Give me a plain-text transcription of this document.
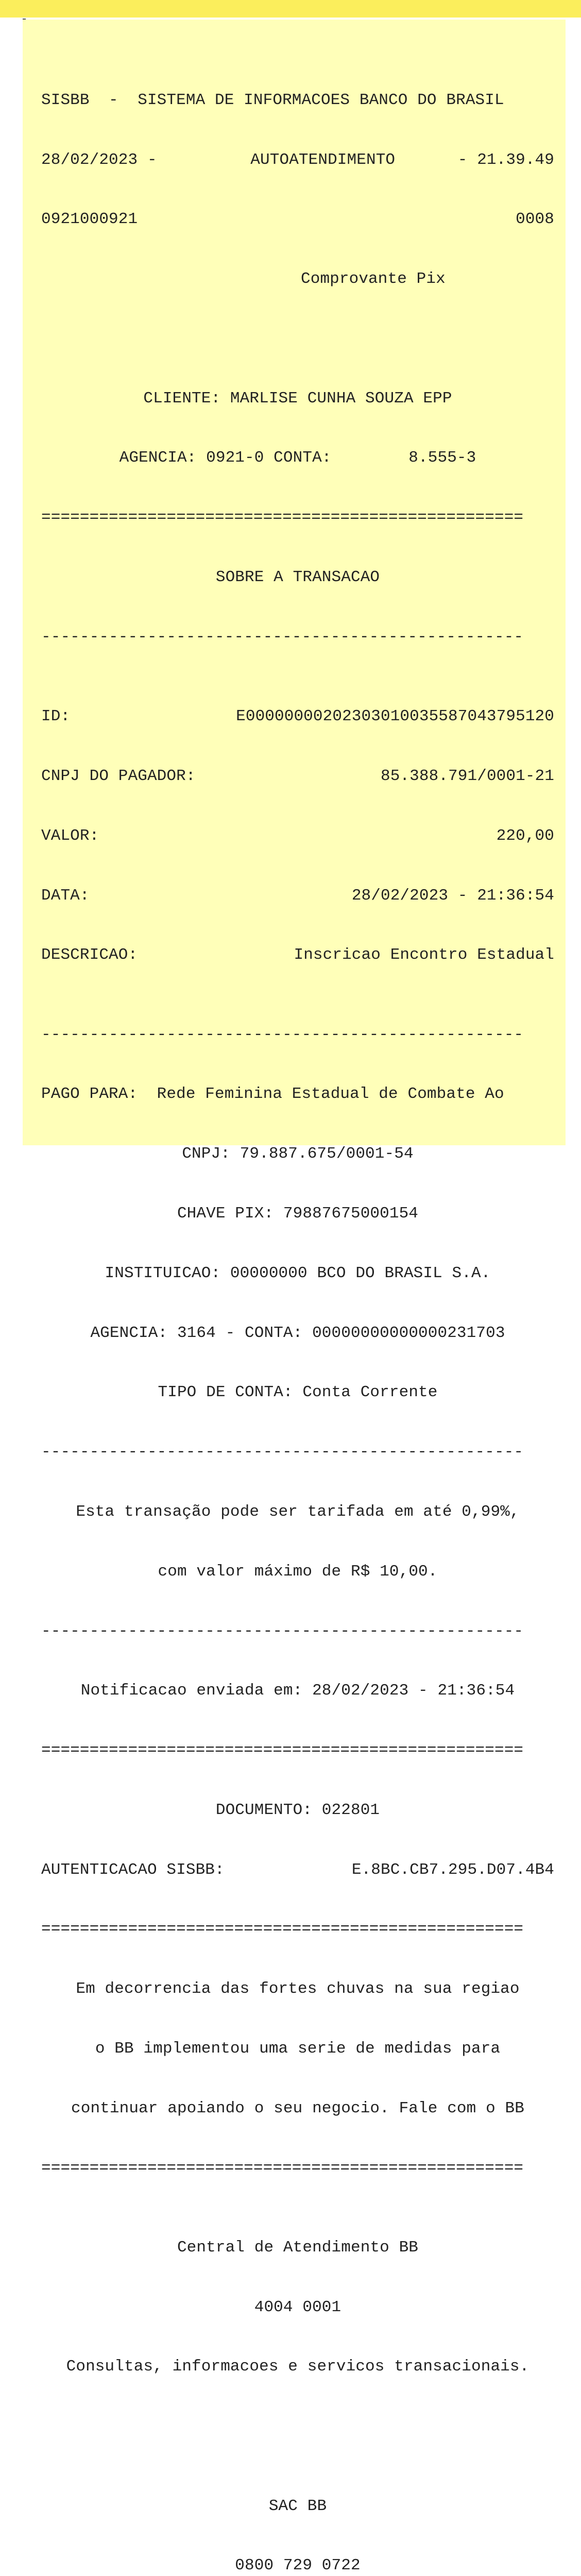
SISBB  -  SISTEMA DE INFORMACOES BANCO DO BRASIL

28/02/2023 -	AUTOATENDIMENTO	- 21.39.49

0921000921	0008

Comprovante Pix

CLIENTE: MARLISE CUNHA SOUZA EPP

AGENCIA: 0921-0 CONTA:        8.555-3

==================================================

SOBRE A TRANSACAO

--------------------------------------------------

ID:	E00000000202303010035587043795120

CNPJ DO PAGADOR:	85.388.791/0001-21

VALOR:	220,00

DATA:	28/02/2023 - 21:36:54

DESCRICAO:	Inscricao Encontro Estadual

--------------------------------------------------

PAGO PARA:  Rede Feminina Estadual de Combate Ao

CNPJ: 79.887.675/0001-54

CHAVE PIX: 79887675000154

INSTITUICAO: 00000000 BCO DO BRASIL S.A.

AGENCIA: 3164 - CONTA: 00000000000000231703

TIPO DE CONTA: Conta Corrente

--------------------------------------------------

Esta transação pode ser tarifada em até 0,99%,

com valor máximo de R$ 10,00.

--------------------------------------------------

Notificacao enviada em: 28/02/2023 - 21:36:54

==================================================

DOCUMENTO: 022801

AUTENTICACAO SISBB:	E.8BC.CB7.295.D07.4B4

==================================================

Em decorrencia das fortes chuvas na sua regiao

o BB implementou uma serie de medidas para

continuar apoiando o seu negocio. Fale com o BB

==================================================

Central de Atendimento BB

4004 0001

Consultas, informacoes e servicos transacionais.

SAC BB

0800 729 0722
